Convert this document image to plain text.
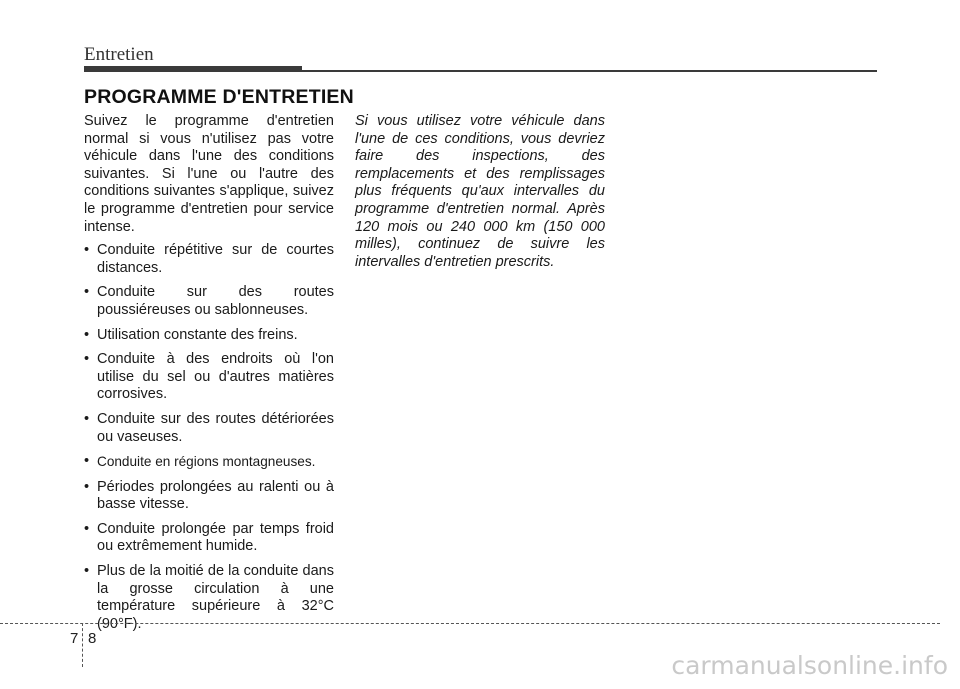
Entretien
PROGRAMME D'ENTRETIEN

Suivez le programme d'entretien normal si vous n'utilisez pas votre véhicule dans l'une des conditions suivantes. Si l'une ou l'autre des conditions suivantes s'applique, suivez le programme d'entretien pour service intense.

• Conduite répétitive sur de courtes distances.
• Conduite sur des routes poussiéreuses ou sablonneuses.
• Utilisation constante des freins.
• Conduite à des endroits où l'on utilise du sel ou d'autres matières corrosives.
• Conduite sur des routes détériorées ou vaseuses.
• Conduite en régions montagneuses.
• Périodes prolongées au ralenti ou à basse vitesse.
• Conduite prolongée par temps froid ou extrêmement humide.
• Plus de la moitié de la conduite dans la grosse circulation à une température supérieure à 32°C (90°F).

Si vous utilisez votre véhicule dans l'une de ces conditions, vous devriez faire des inspections, des remplacements et des remplissages plus fréquents qu'aux intervalles du programme d'entretien normal. Après 120 mois ou 240 000 km (150 000 milles), continuez de suivre les intervalles d'entretien prescrits.

7 8
carmanualsonline.info
